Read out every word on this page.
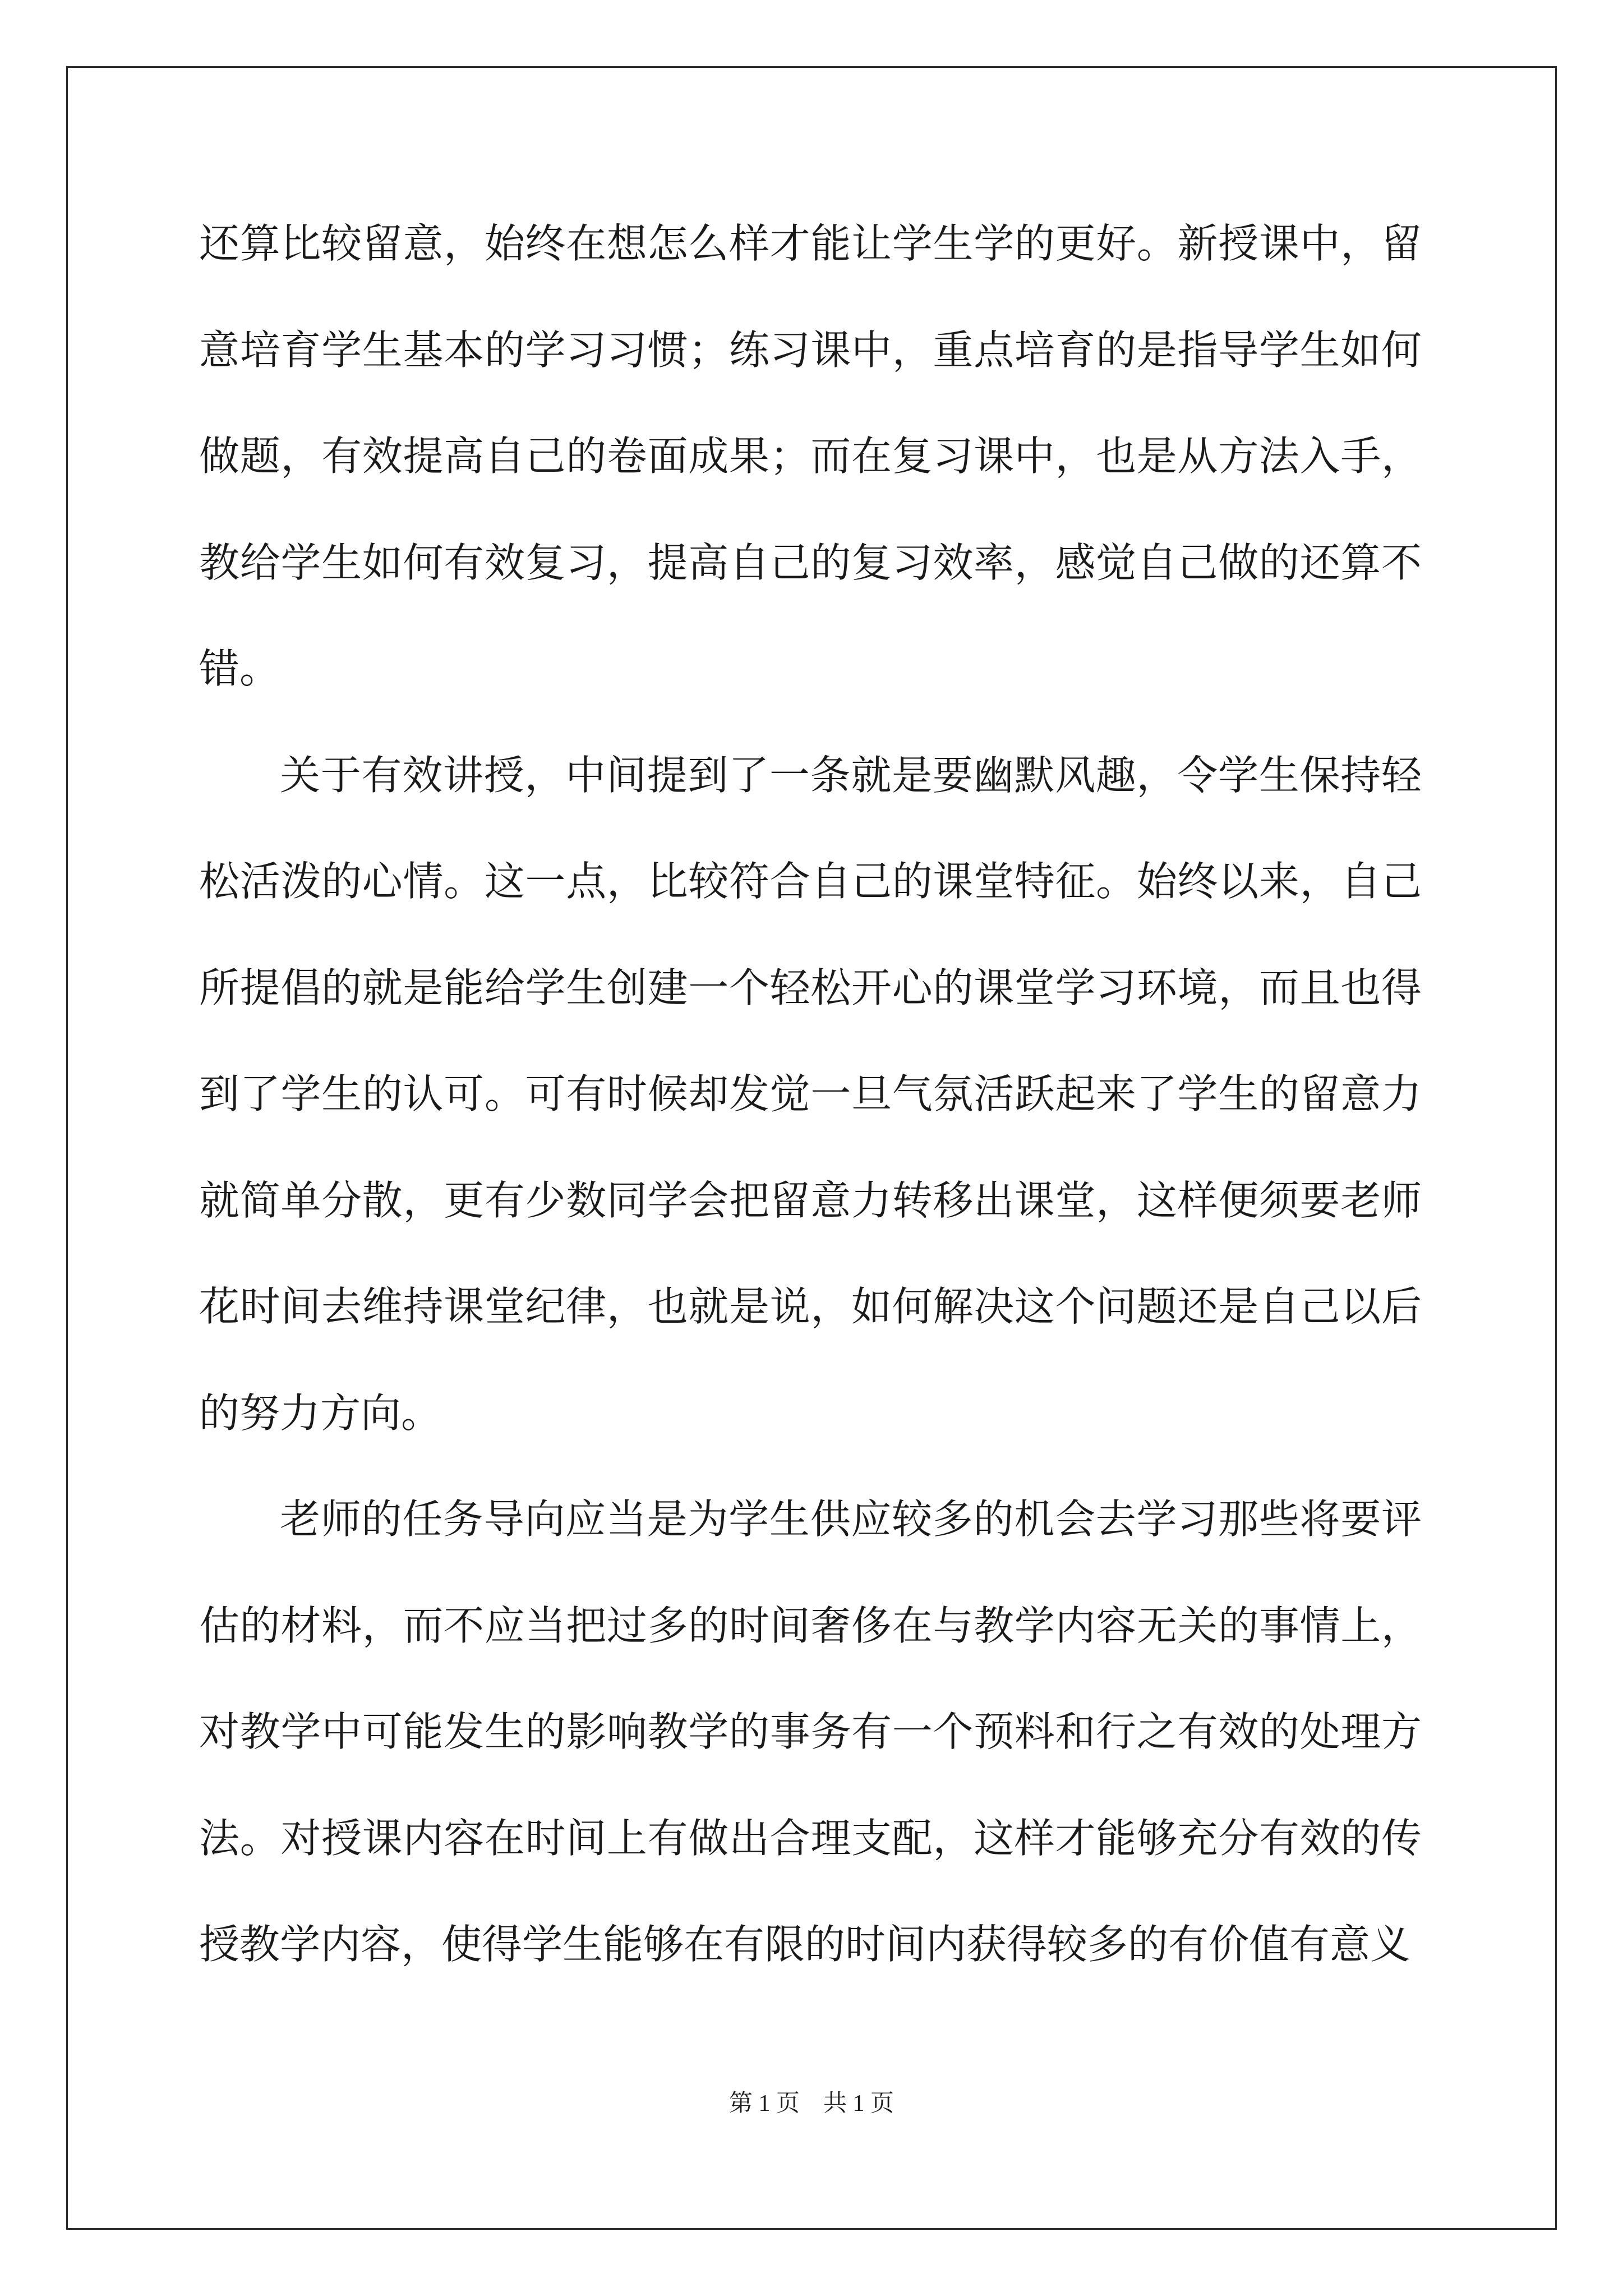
还算比较留意，始终在想怎么样才能让学生学的更好。新授课中，留意培育学生基本的学习习惯；练习课中，重点培育的是指导学生如何做题，有效提高自己的卷面成果；而在复习课中，也是从方法入手，教给学生如何有效复习，提高自己的复习效率，感觉自己做的还算不错。

关于有效讲授，中间提到了一条就是要幽默风趣，令学生保持轻松活泼的心情。这一点，比较符合自己的课堂特征。始终以来，自己所提倡的就是能给学生创建一个轻松开心的课堂学习环境，而且也得到了学生的认可。可有时候却发觉一旦气氛活跃起来了学生的留意力就简单分散，更有少数同学会把留意力转移出课堂，这样便须要老师花时间去维持课堂纪律，也就是说，如何解决这个问题还是自己以后的努力方向。

老师的任务导向应当是为学生供应较多的机会去学习那些将要评估的材料，而不应当把过多的时间奢侈在与教学内容无关的事情上，对教学中可能发生的影响教学的事务有一个预料和行之有效的处理方法。对授课内容在时间上有做出合理支配，这样才能够充分有效的传授教学内容，使得学生能够在有限的时间内获得较多的有价值有意义

第 1 页    共 1 页
